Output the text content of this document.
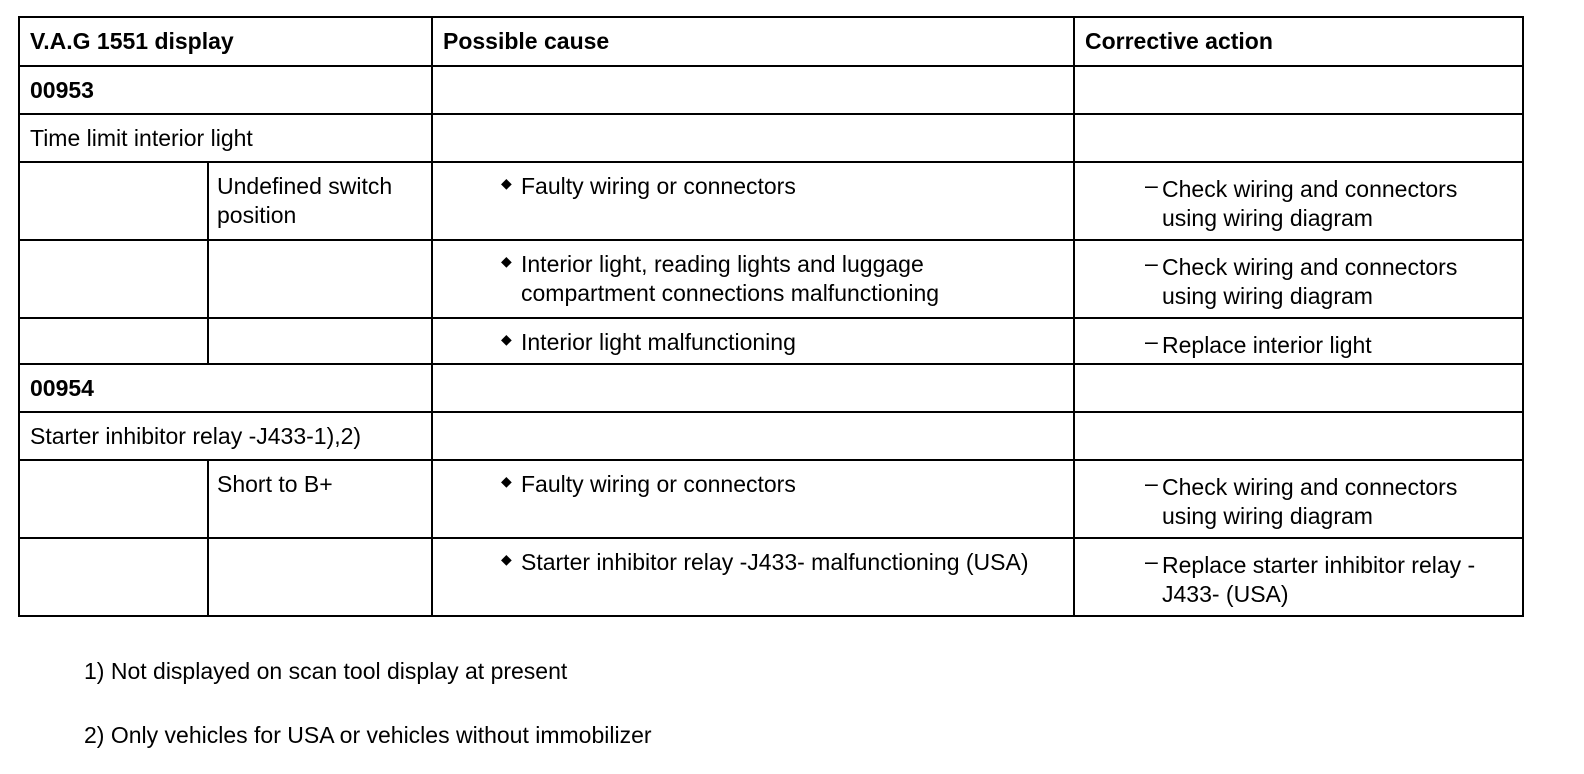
V.A.G 1551 display		Possible cause	Corrective action

00953			

Time limit interior light			

	Undefined switch position	◆ Faulty wiring or connectors	– Check wiring and connectors using wiring diagram

		◆ Interior light, reading lights and luggage compartment connections malfunctioning	– Check wiring and connectors using wiring diagram

		◆ Interior light malfunctioning	– Replace interior light

00954			

Starter inhibitor relay -J433-1),2)			

	Short to B+	◆ Faulty wiring or connectors	– Check wiring and connectors using wiring diagram

		◆ Starter inhibitor relay -J433- malfunctioning (USA)	– Replace starter inhibitor relay -J433- (USA)
1) Not displayed on scan tool display at present
2) Only vehicles for USA or vehicles without immobilizer
